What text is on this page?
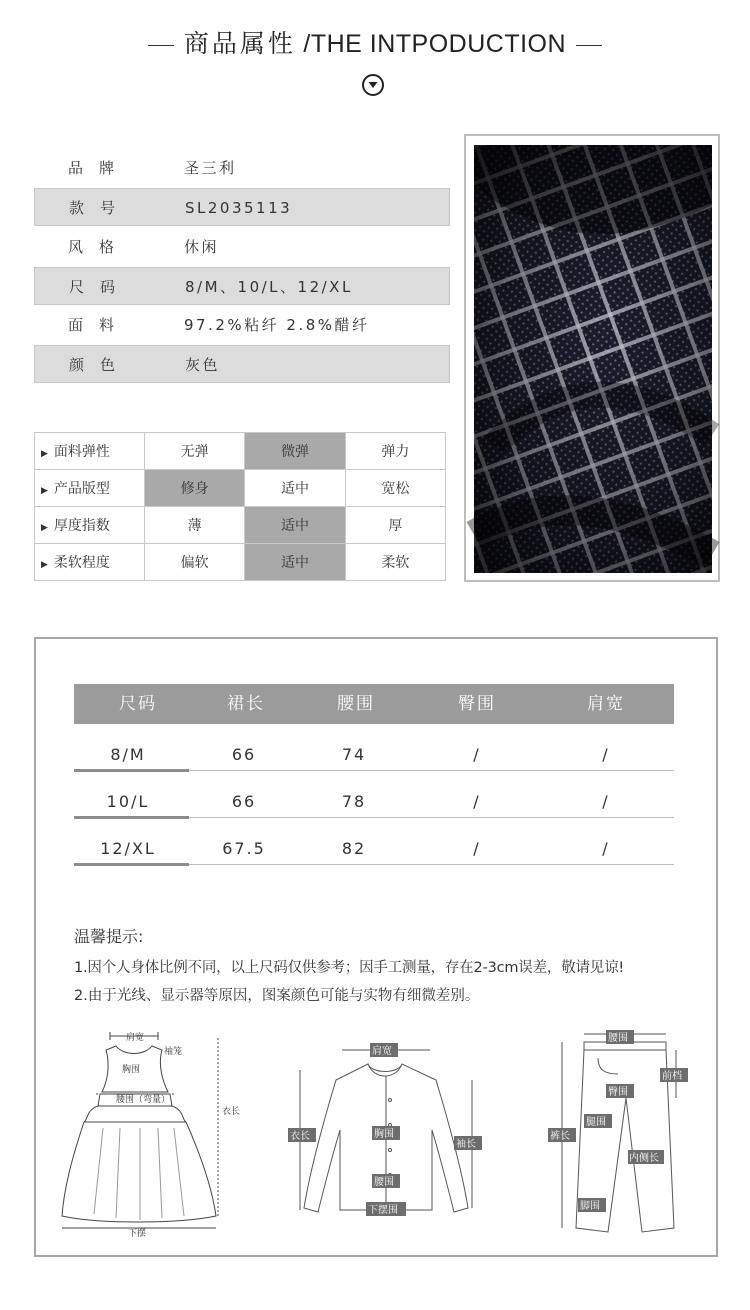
商品属性 /THE INTPODUCTION
品牌	圣三利
款号	SL2035113
风格	休闲
尺码	8/M、10/L、12/XL
面料	97.2%粘纤 2.8%醋纤
颜色	灰色
▶ 面料弹性	无弹	微弹	弹力
▶ 产品版型	修身	适中	宽松
▶ 厚度指数	薄	适中	厚
▶ 柔软程度	偏软	适中	柔软
尺码	裙长	腰围	臀围	肩宽
8/M	66	74	/	/
10/L	66	78	/	/
12/XL	67.5	82	/	/
温馨提示:
1.因个人身体比例不同，以上尺码仅供参考；因手工测量，存在2-3cm误差，敬请见谅!
2.由于光线、显示器等原因，图案颜色可能与实物有细微差别。
肩宽
袖笼
胸围
腰围（弯量）
衣长
下摆
肩宽
衣长	胸围
袖长
腰围
下摆围
腰围
前档
臀围
腿围
裤长
内侧长
脚围
